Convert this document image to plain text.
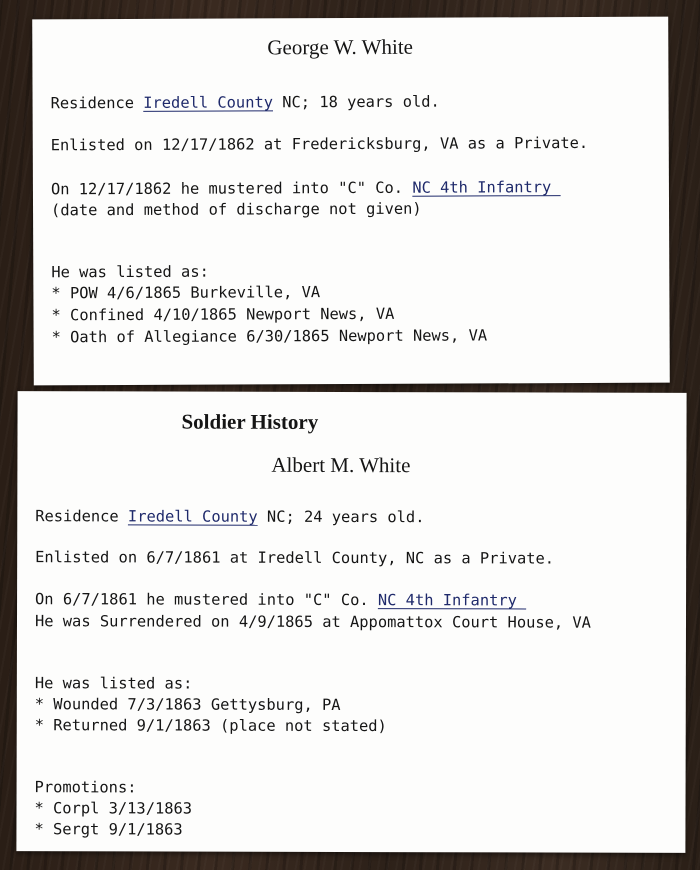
George W. White
Residence Iredell County NC; 18 years old.
Enlisted on 12/17/1862 at Fredericksburg, VA as a Private.
On 12/17/1862 he mustered into "C" Co. NC 4th Infantry
(date and method of discharge not given)
He was listed as:
* POW 4/6/1865 Burkeville, VA
* Confined 4/10/1865 Newport News, VA
* Oath of Allegiance 6/30/1865 Newport News, VA
Soldier History
Albert M. White
Residence Iredell County NC; 24 years old.
Enlisted on 6/7/1861 at Iredell County, NC as a Private.
On 6/7/1861 he mustered into "C" Co. NC 4th Infantry
He was Surrendered on 4/9/1865 at Appomattox Court House, VA
He was listed as:
* Wounded 7/3/1863 Gettysburg, PA
* Returned 9/1/1863 (place not stated)
Promotions:
* Corpl 3/13/1863
* Sergt 9/1/1863
